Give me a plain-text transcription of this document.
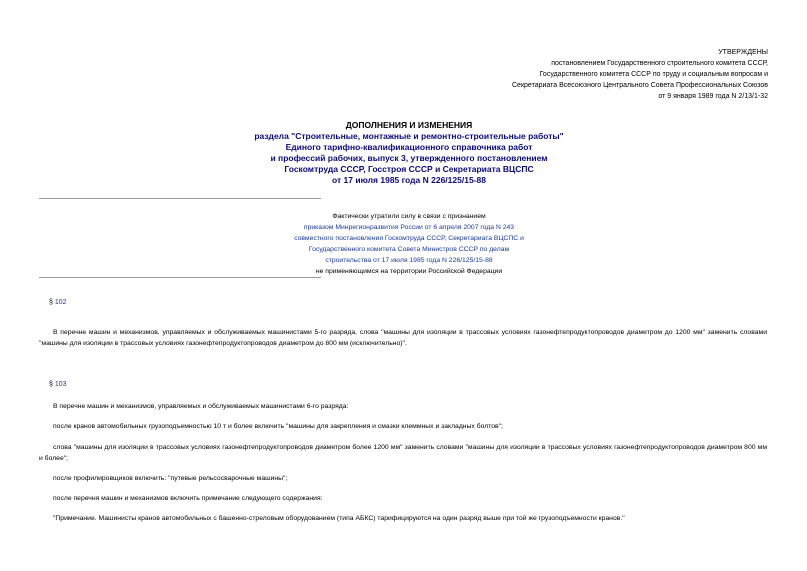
УТВЕРЖДЕНЫ
постановлением Государственного строительного комитета СССР,
Государственного комитета СССР по труду и социальным вопросам и
Секретариата Всесоюзного Центрального Совета Профессиональных Союзов
от 9 января 1989 года N 2/13/1-32
ДОПОЛНЕНИЯ И ИЗМЕНЕНИЯ
раздела "Строительные, монтажные и ремонтно-строительные работы"
Единого тарифно-квалификационного справочника работ
и профессий рабочих, выпуск 3, утвержденного постановлением
Госкомтруда СССР, Госстроя СССР и Секретариата ВЦСПС
от 17 июля 1985 года N 226/125/15-88
Фактически утратили силу в связи с признанием
приказом Минрегионразвития России от 6 апреля 2007 года N 243
совместного постановления Госкомтруда СССР, Секретариата ВЦСПС и
Государственного комитета Совета Министров СССР по делам
строительства от 17 июля 1985 года N 226/125/15-88
не применяющимся на территории Российской Федерации
§ 102
В перечне машин и механизмов, управляемых и обслуживаемых машинистами 5-го разряда, слова "машины для изоляции в трассовых условиях газонефтепродуктопроводов диаметром до 1200 мм" заменить словами "машины для изоляции в трассовых условиях газонефтепродуктопроводов диаметром до 800 мм (исключительно)".
§ 103
В перечне машин и механизмов, управляемых и обслуживаемых машинистами 6-го разряда:
после кранов автомобильных грузоподъемностью 10 т и более включить "машины для закрепления и смазки клеммных и закладных болтов";
слова "машины для изоляции в трассовых условиях газонефтепродуктопроводов диаметром более 1200 мм" заменить словами "машины для изоляции в трассовых условиях газонефтепродуктопроводов диаметром 800 мм и более";
после профилировщиков включить: "путевые рельсосварочные машины";
после перечня машин и механизмов включить примечание следующего содержания:
"Примечание. Машинисты кранов автомобильных с башенно-стреловым оборудованием (типа АБКС) тарифицируются на один разряд выше при той же грузоподъемности кранов."
